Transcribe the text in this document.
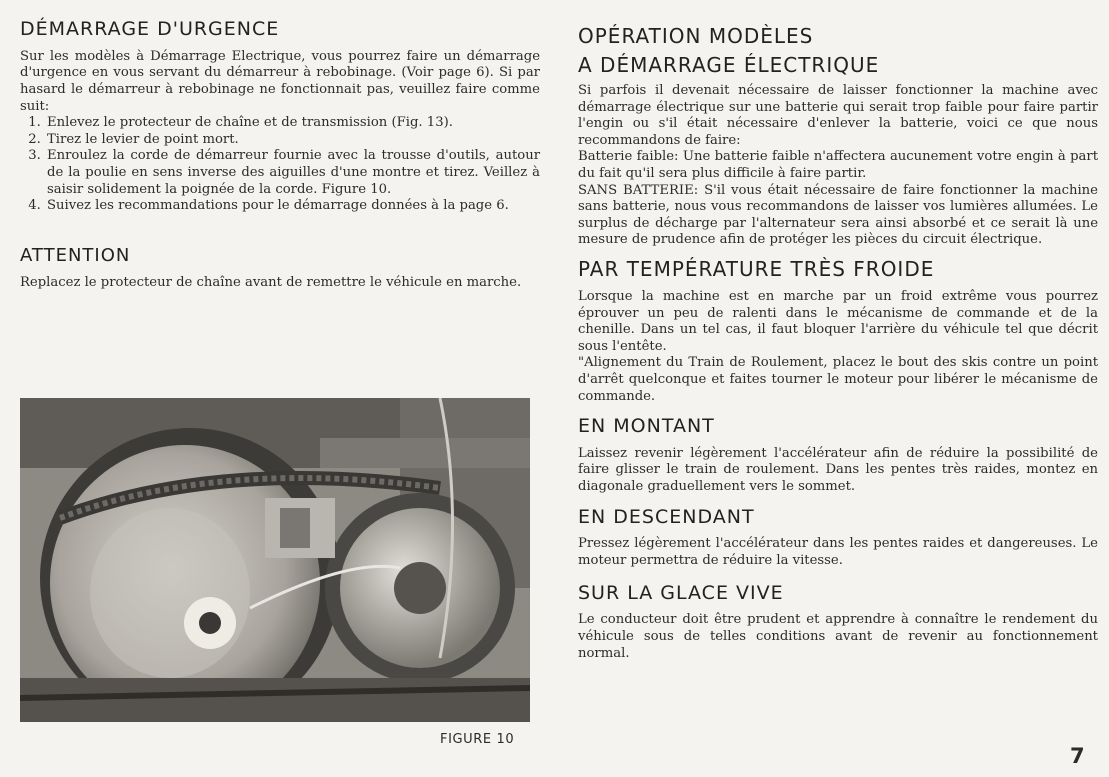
DÉMARRAGE D'URGENCE

Sur les modèles à Démarrage Electrique, vous pourrez faire un démarrage d'urgence en vous servant du démarreur à rebobinage. (Voir page 6). Si par hasard le démarreur à rebobinage ne fonctionnait pas, veuillez faire comme suit:

1. Enlevez le protecteur de chaîne et de transmission (Fig. 13).
2. Tirez le levier de point mort.
3. Enroulez la corde de démarreur fournie avec la trousse d'outils, autour de la poulie en sens inverse des aiguilles d'une montre et tirez. Veillez à saisir solidement la poignée de la corde. Figure 10.
4. Suivez les recommandations pour le démarrage données à la page 6.
ATTENTION

Replacez le protecteur de chaîne avant de remettre le véhicule en marche.

FIGURE 10
OPÉRATION MODÈLES
A DÉMARRAGE ÉLECTRIQUE

Si parfois il devenait nécessaire de laisser fonctionner la machine avec démarrage électrique sur une batterie qui serait trop faible pour faire partir l'engin ou s'il était nécessaire d'enlever la batterie, voici ce que nous recommandons de faire:

Batterie faible: Une batterie faible n'affectera aucunement votre engin à part du fait qu'il sera plus difficile à faire partir.

SANS BATTERIE: S'il vous était nécessaire de faire fonctionner la machine sans batterie, nous vous recommandons de laisser vos lumières allumées. Le surplus de décharge par l'alternateur sera ainsi absorbé et ce serait là une mesure de prudence afin de protéger les pièces du circuit électrique.

PAR TEMPÉRATURE TRÈS FROIDE

Lorsque la machine est en marche par un froid extrême vous pourrez éprouver un peu de ralenti dans le mécanisme de commande et de la chenille. Dans un tel cas, il faut bloquer l'arrière du véhicule tel que décrit sous l'entête.

"Alignement du Train de Roulement, placez le bout des skis contre un point d'arrêt quelconque et faites tourner le moteur pour libérer le mécanisme de commande.

EN MONTANT

Laissez revenir légèrement l'accélérateur afin de réduire la possibilité de faire glisser le train de roulement. Dans les pentes très raides, montez en diagonale graduellement vers le sommet.

EN DESCENDANT

Pressez légèrement l'accélérateur dans les pentes raides et dangereuses. Le moteur permettra de réduire la vitesse.

SUR LA GLACE VIVE

Le conducteur doit être prudent et apprendre à connaître le rendement du véhicule sous de telles conditions avant de revenir au fonctionnement normal.

7
